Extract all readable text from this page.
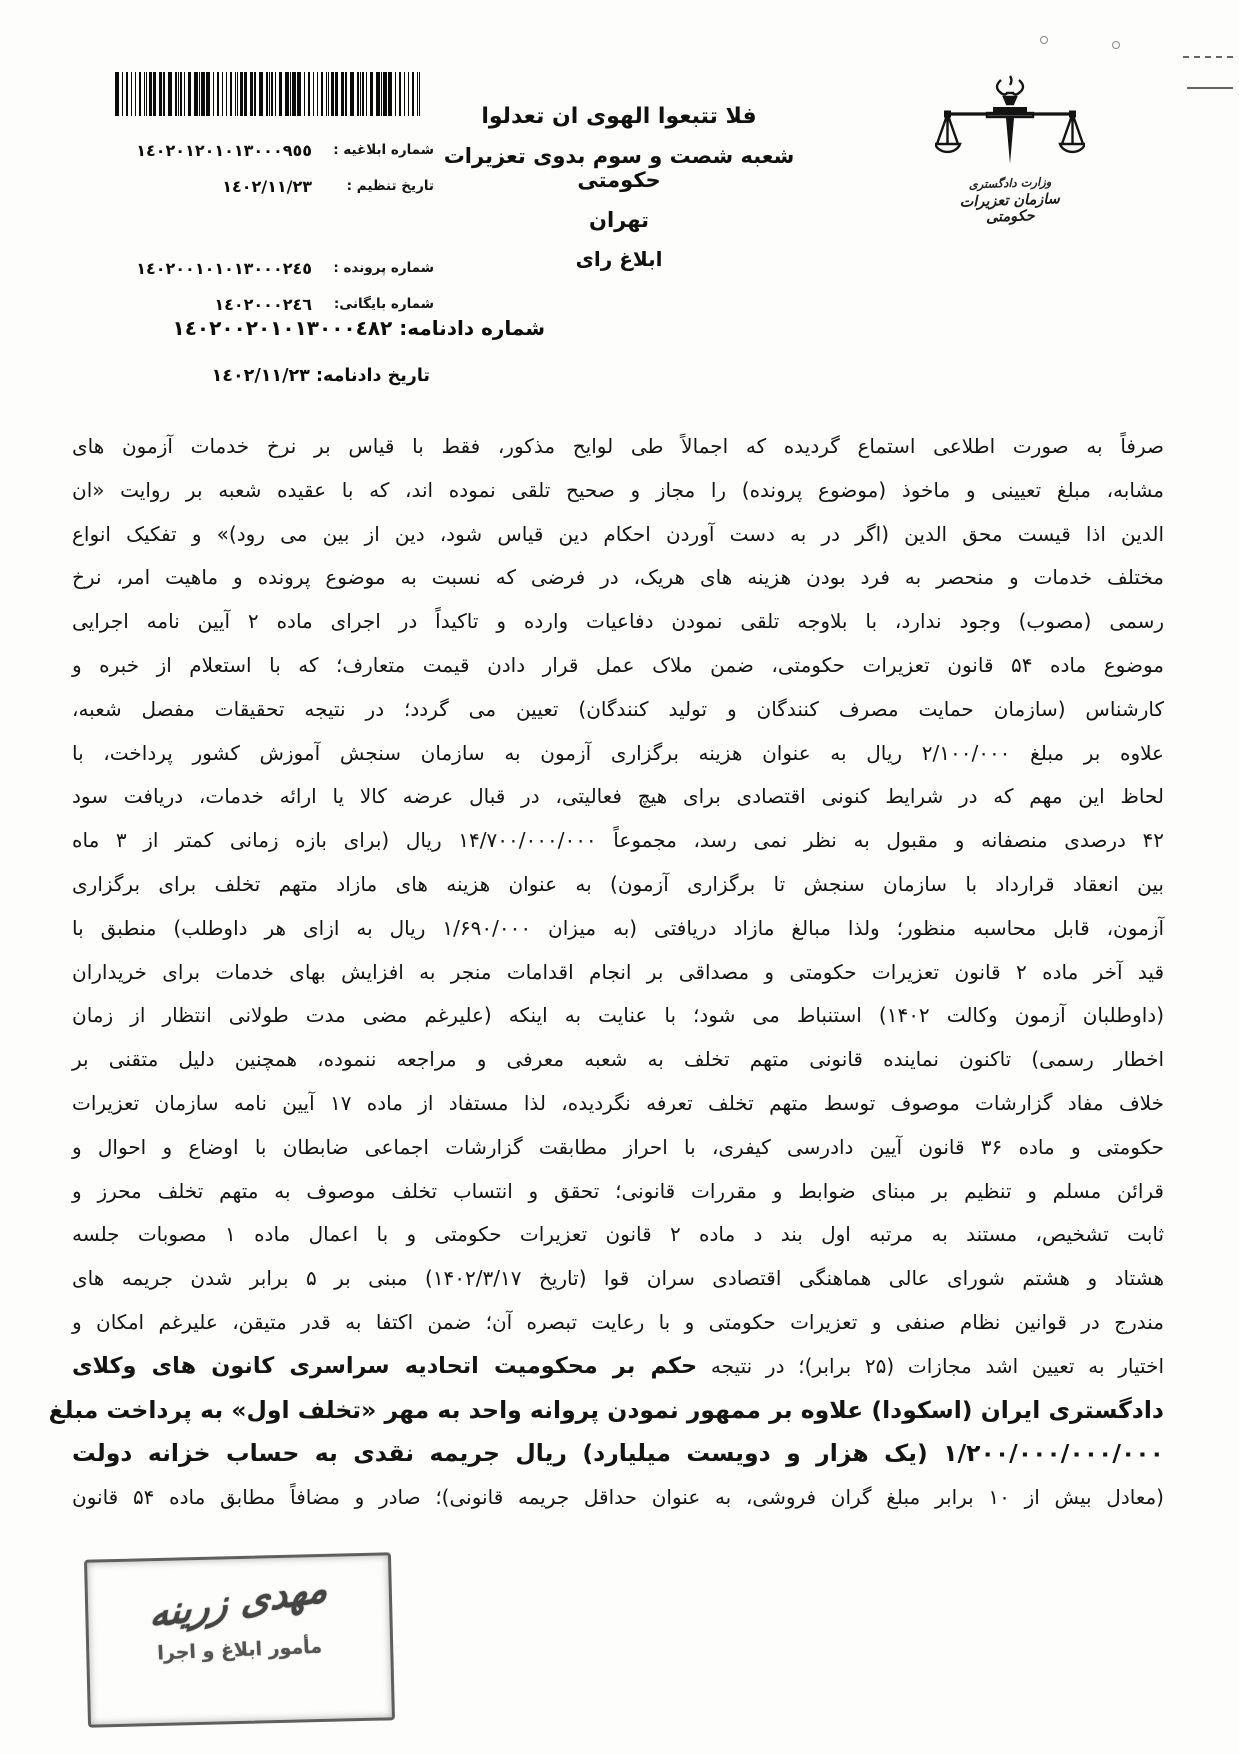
شماره ابلاغیه :
١٤٠٢٠١٢٠١٠١٣٠٠٠٩٥٥
تاریخ تنظیم :
١٤٠٢/١١/٢٣
شماره پرونده :
١٤٠٢٠٠١٠١٠١٣٠٠٠٢٤٥
شماره بایگانی:
١٤٠٢٠٠٠٢٤٦
شماره دادنامه: ١٤٠٢٠٠٢٠١٠١٣٠٠٠٤٨٢
تاریخ دادنامه: ١٤٠٢/١١/٢٣
فلا تتبعوا الهوی ان تعدلوا
شعبه شصت و سوم بدوی تعزیرات حکومتی
تهران
ابلاغ رای
وزارت دادگستری
سازمان تعزیرات حکومتی
صرفاً به صورت اطلاعی استماع گردیده که اجمالاً طی لوایح مذکور، فقط با قیاس بر نرخ خدمات آزمون های
مشابه، مبلغ تعیینی و ماخوذ (موضوع پرونده) را مجاز و صحیح تلقی نموده اند، که با عقیده شعبه بر روایت «ان
الدین اذا قیست محق الدین (اگر در به دست آوردن احکام دین قیاس شود، دین از بین می رود)» و تفکیک انواع
مختلف خدمات و منحصر به فرد بودن هزینه های هریک، در فرضی که نسبت به موضوع پرونده و ماهیت امر، نرخ
رسمی (مصوب) وجود ندارد، با بلاوجه تلقی نمودن دفاعیات وارده و تاکیداً در اجرای ماده ۲ آیین نامه اجرایی
موضوع ماده ۵۴ قانون تعزیرات حکومتی، ضمن ملاک عمل قرار دادن قیمت متعارف؛ که با استعلام از خبره و
کارشناس (سازمان حمایت مصرف کنندگان و تولید کنندگان) تعیین می گردد؛ در نتیجه تحقیقات مفصل شعبه،
علاوه بر مبلغ ۲/۱۰۰/۰۰۰ ریال به عنوان هزینه برگزاری آزمون به سازمان سنجش آموزش کشور پرداخت، با
لحاظ این مهم که در شرایط کنونی اقتصادی برای هیچ فعالیتی، در قبال عرضه کالا یا ارائه خدمات، دریافت سود
۴۲ درصدی منصفانه و مقبول به نظر نمی رسد، مجموعاً ۱۴/۷۰۰/۰۰۰/۰۰۰ ریال (برای بازه زمانی کمتر از ۳ ماه
بین انعقاد قرارداد با سازمان سنجش تا برگزاری آزمون) به عنوان هزینه های مازاد متهم تخلف برای برگزاری
آزمون، قابل محاسبه منظور؛ ولذا مبالغ مازاد دریافتی (به میزان ۱/۶۹۰/۰۰۰ ریال به ازای هر داوطلب) منطبق با
قید آخر ماده ۲ قانون تعزیرات حکومتی و مصداقی بر انجام اقدامات منجر به افزایش بهای خدمات برای خریداران
(داوطلبان آزمون وکالت ۱۴۰۲) استنباط می شود؛ با عنایت به اینکه (علیرغم مضی مدت طولانی انتظار از زمان
اخطار رسمی) تاکنون نماینده قانونی متهم تخلف به شعبه معرفی و مراجعه ننموده، همچنین دلیل متقنی بر
خلاف مفاد گزارشات موصوف توسط متهم تخلف تعرفه نگردیده، لذا مستفاد از ماده ۱۷ آیین نامه سازمان تعزیرات
حکومتی و ماده ۳۶ قانون آیین دادرسی کیفری، با احراز مطابقت گزارشات اجماعی ضابطان با اوضاع و احوال و
قرائن مسلم و تنظیم بر مبنای ضوابط و مقررات قانونی؛ تحقق و انتساب تخلف موصوف به متهم تخلف محرز و
ثابت تشخیص، مستند به مرتبه اول بند د ماده ۲ قانون تعزیرات حکومتی و با اعمال ماده ۱ مصوبات جلسه
هشتاد و هشتم شورای عالی هماهنگی اقتصادی سران قوا (تاریخ ۱۴۰۲/۳/۱۷) مبنی بر ۵ برابر شدن جریمه های
مندرج در قوانین نظام صنفی و تعزیرات حکومتی و با رعایت تبصره آن؛ ضمن اکتفا به قدر متیقن، علیرغم امکان و
اختیار به تعیین اشد مجازات (۲۵ برابر)؛ در نتیجه حکم بر محکومیت اتحادیه سراسری کانون های وکلای
دادگستری ایران (اسکودا) علاوه بر ممهور نمودن پروانه واحد به مهر «تخلف اول» به پرداخت مبلغ
۱/۲۰۰/۰۰۰/۰۰۰/۰۰۰ (یک هزار و دویست میلیارد) ریال جریمه نقدی به حساب خزانه دولت
(معادل بیش از ۱۰ برابر مبلغ گران فروشی، به عنوان حداقل جریمه قانونی)؛ صادر و مضافاً مطابق ماده ۵۴ قانون
مهدی زرینه
مأمور ابلاغ و اجرا
